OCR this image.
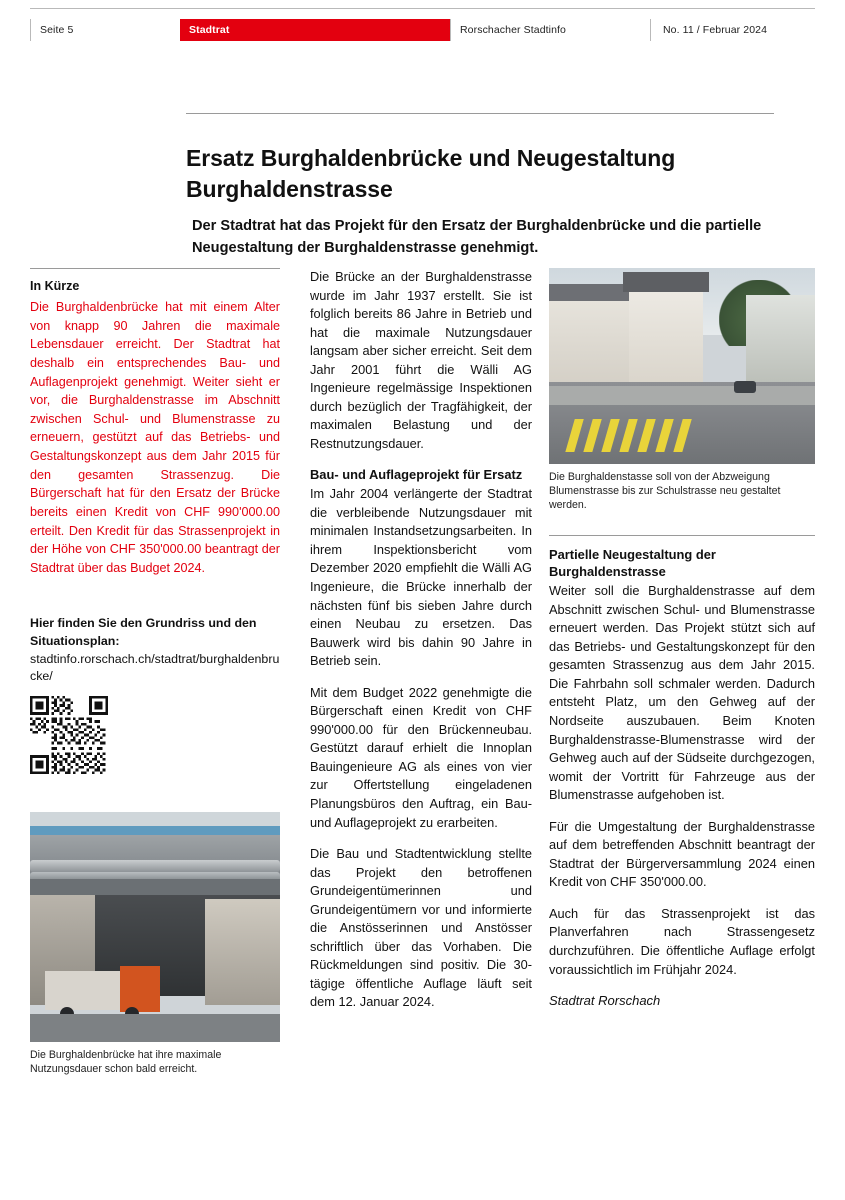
Seite 5	Stadtrat	Rorschacher Stadtinfo	No. 11 / Februar 2024
Ersatz Burghaldenbrücke und Neugestaltung Burghaldenstrasse

Der Stadtrat hat das Projekt für den Ersatz der Burghaldenbrücke und die partielle Neugestaltung der Burghaldenstrasse genehmigt.

In Kürze

Die Burghaldenbrücke hat mit einem Alter von knapp 90 Jahren die maximale Lebensdauer erreicht. Der Stadtrat hat deshalb ein entsprechendes Bau- und Auflagenprojekt genehmigt. Weiter sieht er vor, die Burghaldenstrasse im Abschnitt zwischen Schul- und Blumenstrasse zu erneuern, gestützt auf das Betriebs- und Gestaltungskonzept aus dem Jahr 2015 für den gesamten Strassenzug. Die Bürgerschaft hat für den Ersatz der Brücke bereits einen Kredit von CHF 990'000.00 erteilt. Den Kredit für das Strassenprojekt in der Höhe von CHF 350'000.00 beantragt der Stadtrat über das Budget 2024.

Hier finden Sie den Grundriss und den Situationsplan:
stadtinfo.rorschach.ch/stadtrat/burghaldenbrucke/
Die Burghaldenbrücke hat ihre maximale Nutzungsdauer schon bald erreicht.

Die Brücke an der Burghaldenstrasse wurde im Jahr 1937 erstellt. Sie ist folglich bereits 86 Jahre in Betrieb und hat die maximale Nutzungsdauer langsam aber sicher erreicht. Seit dem Jahr 2001 führt die Wälli AG Ingenieure regelmässige Inspektionen durch bezüglich der Tragfähigkeit, der maximalen Belastung und der Restnutzungsdauer.

Bau- und Auflageprojekt für Ersatz

Im Jahr 2004 verlängerte der Stadtrat die verbleibende Nutzungsdauer mit minimalen Instandsetzungsarbeiten. In ihrem Inspektionsbericht vom Dezember 2020 empfiehlt die Wälli AG Ingenieure, die Brücke innerhalb der nächsten fünf bis sieben Jahre durch einen Neubau zu ersetzen. Das Bauwerk wird bis dahin 90 Jahre in Betrieb sein.

Mit dem Budget 2022 genehmigte die Bürgerschaft einen Kredit von CHF 990'000.00 für den Brückenneubau. Gestützt darauf erhielt die Innoplan Bauingenieure AG als eines von vier zur Offertstellung eingeladenen Planungsbüros den Auftrag, ein Bau- und Auflageprojekt zu erarbeiten.

Die Bau und Stadtentwicklung stellte das Projekt den betroffenen Grundeigentümerinnen und Grundeigentümern vor und informierte die Anstösserinnen und Anstösser schriftlich über das Vorhaben. Die Rückmeldungen sind positiv. Die 30-tägige öffentliche Auflage läuft seit dem 12. Januar 2024.

Die Burghaldenstasse soll von der Abzweigung Blumenstrasse bis zur Schulstrasse neu gestaltet werden.
Partielle Neugestaltung der Burghaldenstrasse

Weiter soll die Burghaldenstrasse auf dem Abschnitt zwischen Schul- und Blumenstrasse erneuert werden. Das Projekt stützt sich auf das Betriebs- und Gestaltungskonzept für den gesamten Strassenzug aus dem Jahr 2015. Die Fahrbahn soll schmaler werden. Dadurch entsteht Platz, um den Gehweg auf der Nordseite auszubauen. Beim Knoten Burghaldenstrasse-Blumenstrasse wird der Gehweg auch auf der Südseite durchgezogen, womit der Vortritt für Fahrzeuge aus der Blumenstrasse aufgehoben ist.

Für die Umgestaltung der Burghaldenstrasse auf dem betreffenden Abschnitt beantragt der Stadtrat der Bürgerversammlung 2024 einen Kredit von CHF 350'000.00.

Auch für das Strassenprojekt ist das Planverfahren nach Strassengesetz durchzuführen. Die öffentliche Auflage erfolgt voraussichtlich im Frühjahr 2024.

Stadtrat Rorschach
